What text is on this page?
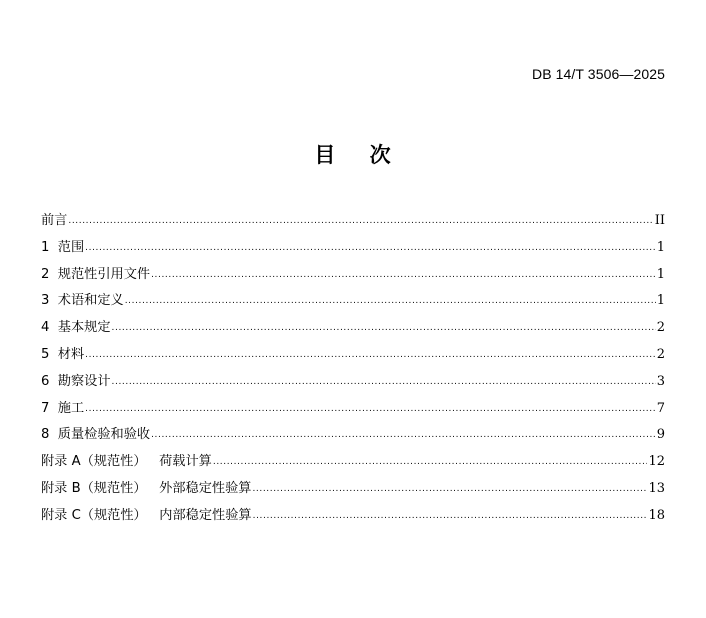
DB 14/T 3506—2025
目    次
前言 .....	II
1  范围 .....	1
2  规范性引用文件 .....	1
3  术语和定义 .....	1
4  基本规定 .....	2
5  材料 .....	2
6  勘察设计 .....	3
7  施工 .....	7
8  质量检验和验收 .....	9
附录 A（规范性）   荷载计算 .....	12
附录 B（规范性）   外部稳定性验算 .....	13
附录 C（规范性）   内部稳定性验算 .....	18
